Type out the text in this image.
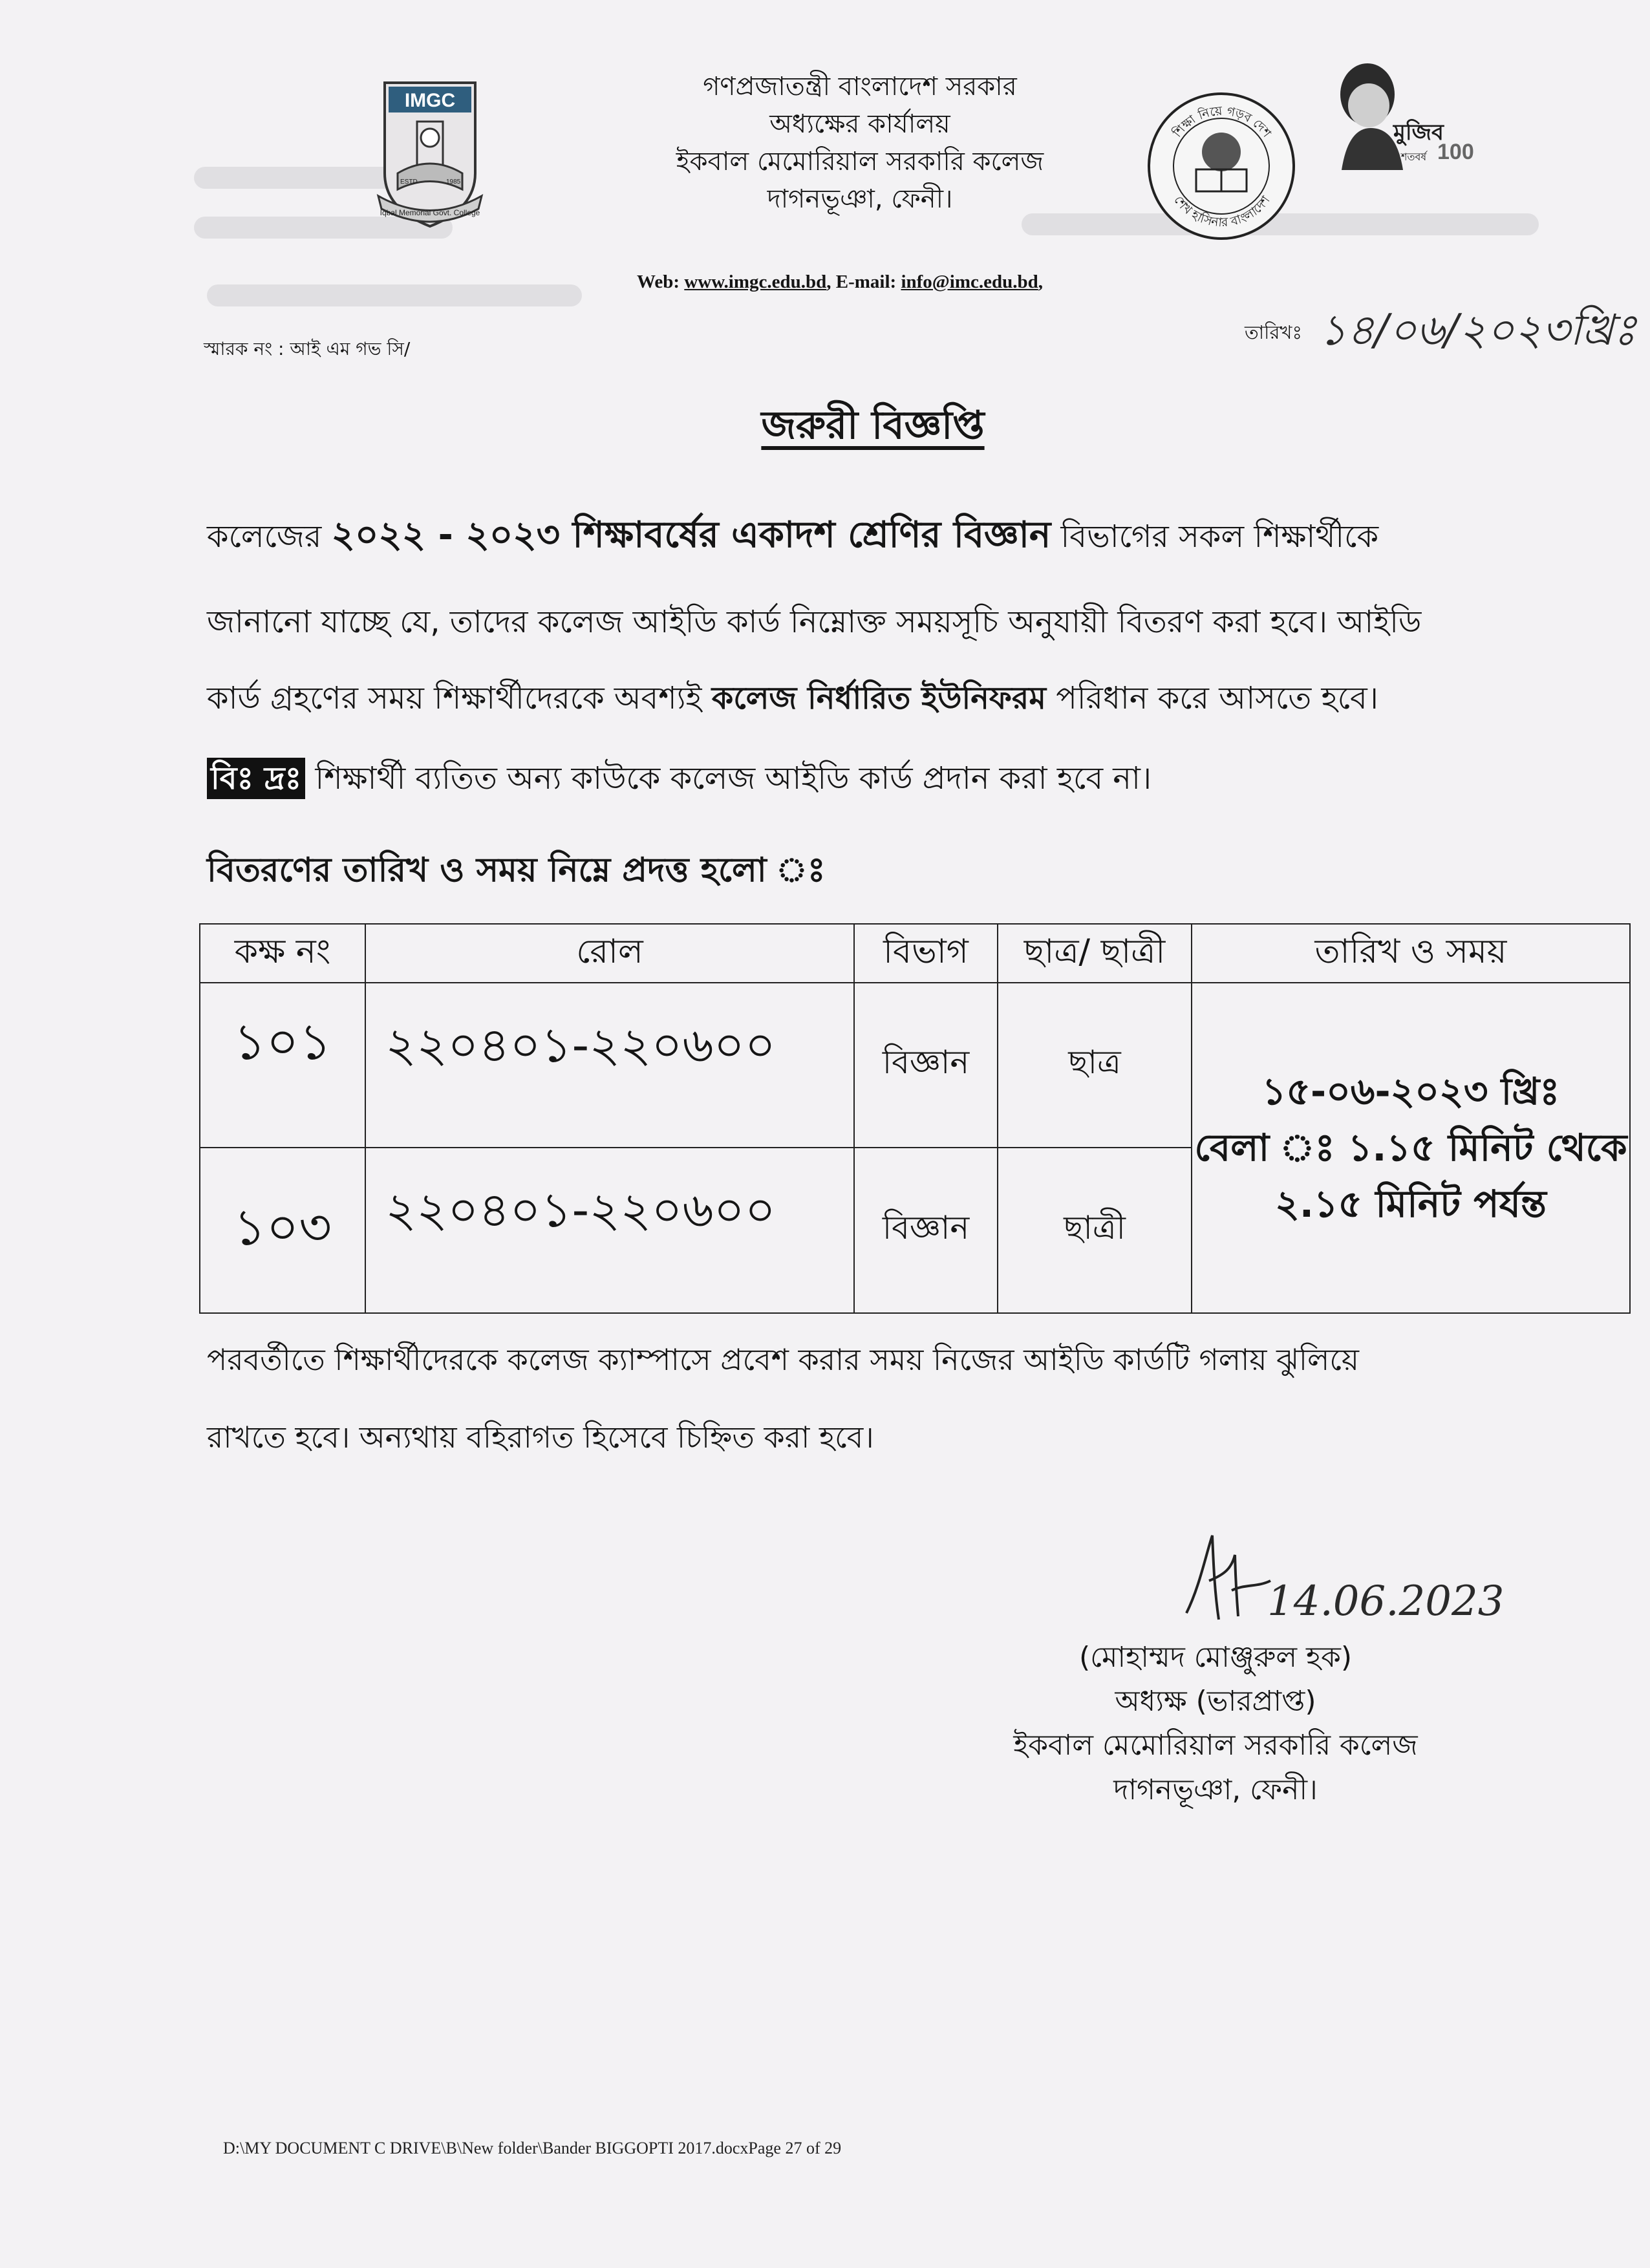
IMGC
ESTD	1985
Iqbal Memorial Govt. College
গণপ্রজাতন্ত্রী বাংলাদেশ সরকার
অধ্যক্ষের কার্যালয়
ইকবাল মেমোরিয়াল সরকারি কলেজ
দাগনভূঞা, ফেনী।
Web: www.imgc.edu.bd, E-mail: info@imc.edu.bd,
শিক্ষা নিয়ে গড়ব দেশ
শেখ হাসিনার বাংলাদেশ
মুজিব
শতবর্ষ 100
স্মারক নং : আই এম গভ সি/
তারিখঃ ১৪/০৬/২০২৩খ্রিঃ
জরুরী বিজ্ঞপ্তি
কলেজের ২০২২ - ২০২৩ শিক্ষাবর্ষের একাদশ শ্রেণির বিজ্ঞান বিভাগের সকল শিক্ষার্থীকে
জানানো যাচ্ছে যে, তাদের কলেজ আইডি কার্ড নিম্নোক্ত সময়সূচি অনুযায়ী বিতরণ করা হবে। আইডি
কার্ড গ্রহণের সময় শিক্ষার্থীদেরকে অবশ্যই কলেজ নির্ধারিত ইউনিফরম পরিধান করে আসতে হবে।
বিঃ দ্রঃ শিক্ষার্থী ব্যতিত অন্য কাউকে কলেজ আইডি কার্ড প্রদান করা হবে না।
বিতরণের তারিখ ও সময় নিম্নে প্রদত্ত হলো ঃ
কক্ষ নং	রোল	বিভাগ	ছাত্র/ ছাত্রী	তারিখ ও সময়
১০১	২২০৪০১-২২০৬০০	বিজ্ঞান	ছাত্র	১৫-০৬-২০২৩ খ্রিঃ
বেলা ঃ ১.১৫ মিনিট থেকে
২.১৫ মিনিট পর্যন্ত

১০৩	২২০৪০১-২২০৬০০	বিজ্ঞান	ছাত্রী	
পরবর্তীতে শিক্ষার্থীদেরকে কলেজ ক্যাম্পাসে প্রবেশ করার সময় নিজের আইডি কার্ডটি গলায় ঝুলিয়ে
রাখতে হবে। অন্যথায় বহিরাগত হিসেবে চিহ্নিত করা হবে।
14.06.2023
(মোহাম্মদ মোঞ্জুরুল হক)
অধ্যক্ষ (ভারপ্রাপ্ত)
ইকবাল মেমোরিয়াল সরকারি কলেজ
দাগনভূঞা, ফেনী।
D:\MY DOCUMENT C DRIVE\B\New folder\Bander BIGGOPTI 2017.docxPage 27 of 29
